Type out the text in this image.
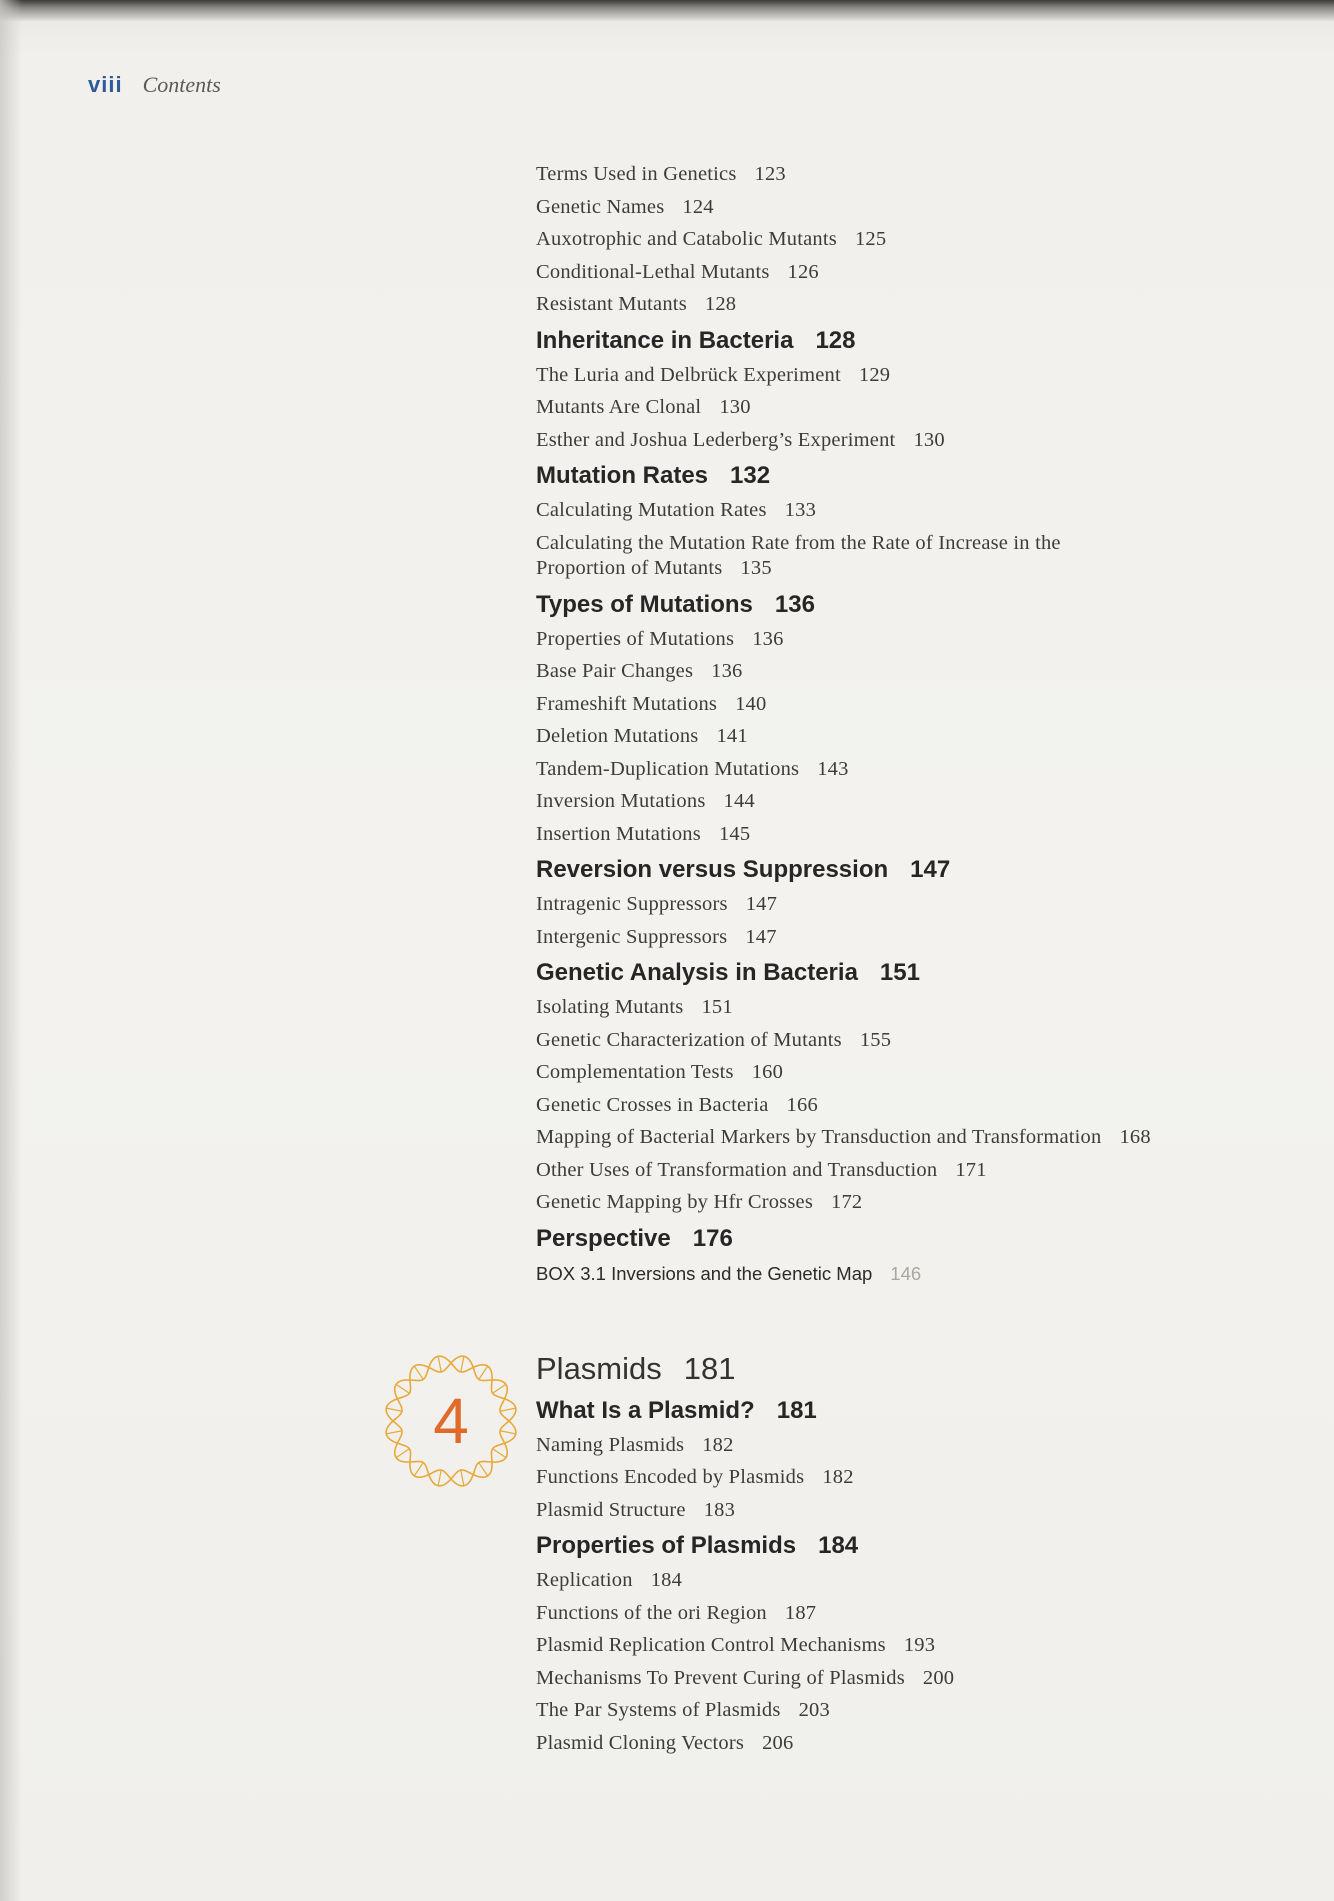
viii Contents
Terms Used in Genetics 123
Genetic Names 124
Auxotrophic and Catabolic Mutants 125
Conditional-Lethal Mutants 126
Resistant Mutants 128
Inheritance in Bacteria 128
The Luria and Delbrück Experiment 129
Mutants Are Clonal 130
Esther and Joshua Lederberg’s Experiment 130
Mutation Rates 132
Calculating Mutation Rates 133
Calculating the Mutation Rate from the Rate of Increase in the Proportion of Mutants 135
Types of Mutations 136
Properties of Mutations 136
Base Pair Changes 136
Frameshift Mutations 140
Deletion Mutations 141
Tandem-Duplication Mutations 143
Inversion Mutations 144
Insertion Mutations 145
Reversion versus Suppression 147
Intragenic Suppressors 147
Intergenic Suppressors 147
Genetic Analysis in Bacteria 151
Isolating Mutants 151
Genetic Characterization of Mutants 155
Complementation Tests 160
Genetic Crosses in Bacteria 166
Mapping of Bacterial Markers by Transduction and Transformation 168
Other Uses of Transformation and Transduction 171
Genetic Mapping by Hfr Crosses 172
Perspective 176
BOX 3.1 Inversions and the Genetic Map 146
Plasmids 181
What Is a Plasmid? 181
Naming Plasmids 182
Functions Encoded by Plasmids 182
Plasmid Structure 183
Properties of Plasmids 184
Replication 184
Functions of the ori Region 187
Plasmid Replication Control Mechanisms 193
Mechanisms To Prevent Curing of Plasmids 200
The Par Systems of Plasmids 203
Plasmid Cloning Vectors 206
4
